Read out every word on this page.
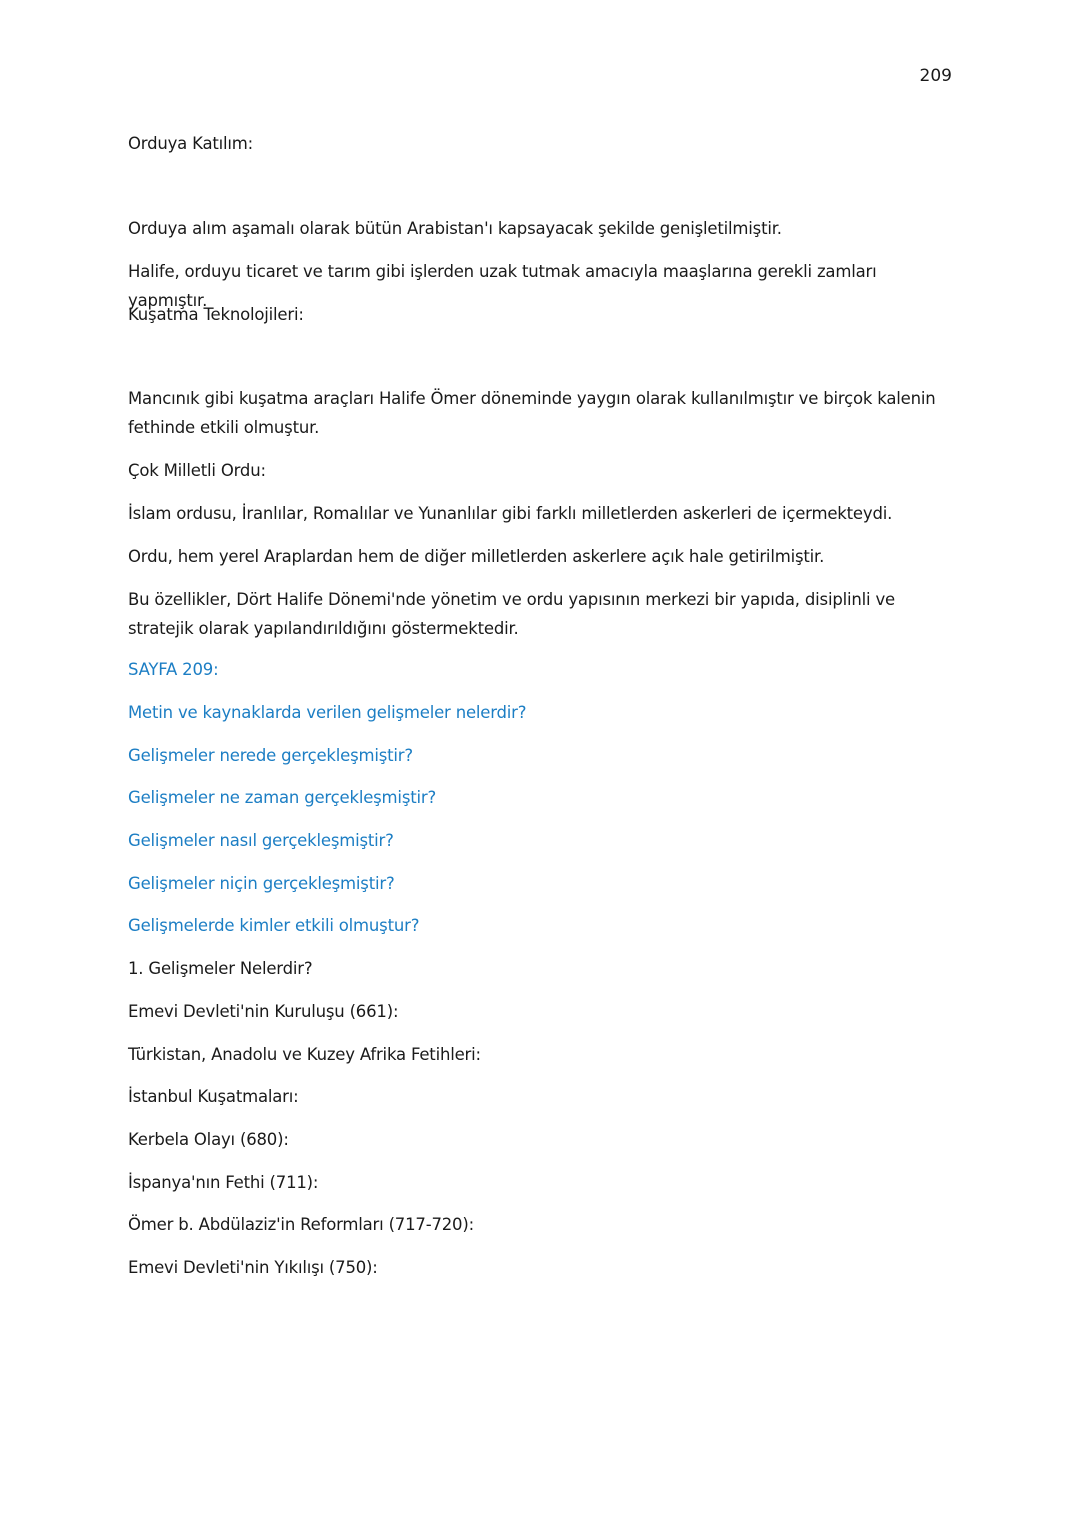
209

Orduya Katılım:

Orduya alım aşamalı olarak bütün Arabistan'ı kapsayacak şekilde genişletilmiştir.

Halife, orduyu ticaret ve tarım gibi işlerden uzak tutmak amacıyla maaşlarına gerekli zamları yapmıştır.

Kuşatma Teknolojileri:

Mancınık gibi kuşatma araçları Halife Ömer döneminde yaygın olarak kullanılmıştır ve birçok kalenin fethinde etkili olmuştur.

Çok Milletli Ordu:

İslam ordusu, İranlılar, Romalılar ve Yunanlılar gibi farklı milletlerden askerleri de içermekteydi.

Ordu, hem yerel Araplardan hem de diğer milletlerden askerlere açık hale getirilmiştir.

Bu özellikler, Dört Halife Dönemi'nde yönetim ve ordu yapısının merkezi bir yapıda, disiplinli ve stratejik olarak yapılandırıldığını göstermektedir.

SAYFA 209:

Metin ve kaynaklarda verilen gelişmeler nelerdir?

Gelişmeler nerede gerçekleşmiştir?

Gelişmeler ne zaman gerçekleşmiştir?

Gelişmeler nasıl gerçekleşmiştir?

Gelişmeler niçin gerçekleşmiştir?

Gelişmelerde kimler etkili olmuştur?

1. Gelişmeler Nelerdir?

Emevi Devleti'nin Kuruluşu (661):

Türkistan, Anadolu ve Kuzey Afrika Fetihleri:

İstanbul Kuşatmaları:

Kerbela Olayı (680):

İspanya'nın Fethi (711):

Ömer b. Abdülaziz'in Reformları (717-720):

Emevi Devleti'nin Yıkılışı (750):
